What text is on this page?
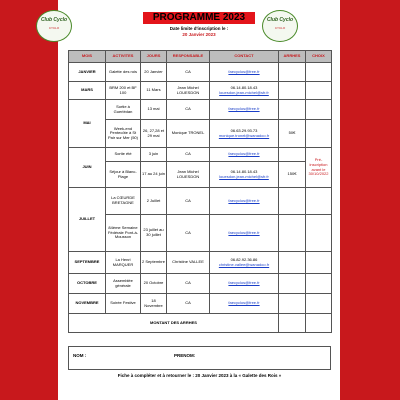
Club Cyclo
CYCLO
Club Cyclo
CYCLO
PROGRAMME 2023
Date limite d'inscription le :
20 Janvier 2023
MOIS	ACTIVITES	JOURS	RESPONSABLE	CONTACT	ARRHES	CHOIX
JANVIER	Galette des rois	20 Janvier	CA	faecyclos@free.fr		

MARS	BRM 200 et BF 100	11 Mars	Jean Michel LOUESDON	06.14.80.18.43
louesdon.jean-michel@sfr.fr		

MAI	Sortie à Guerlédan	13 mai	CA	faecyclos@free.fr		

	Week-end Pentecôte à St Pair sur Mer (50)	26, 27,28 et 29 mai	Monique TRONEL	06.63.29.93.73
monique.tronel@wanadoo.fr	50€	
JUIN	Sortie été	3 juin	CA	faecyclos@free.fr		Pré-inscription avant le 30/10/2022
	Séjour à Blanc-Plage	17 au 24 juin	Jean Michel LOUESDON	06.14.80.18.43
louesdon.jean-michel@sfr.fr	150€	
JUILLET	La CŒURDE BRETAGNE	2 Juillet	CA	faecyclos@free.fr		

	84ème Semaine Fédérale Pont-à-Mousson	23 juillet au 30 juillet	CA	faecyclos@free.fr		

SEPTEMBRE	La Henri MARQUER	2 Septembre	Christine VALLEE	06.82.92.36.86
christine.vallee@wanadoo.fr		

OCTOBRE	Assemblée générale	20 Octobre	CA	faecyclos@free.fr		

NOVEMBRE	Soirée Festive	18 Novembre	CA	faecyclos@free.fr		

MONTANT DES ARRHES						
NOM :	PRENOM:
Fiche à compléter et à retourner le : 20 Janvier 2023 à la « Galette des Rois »
